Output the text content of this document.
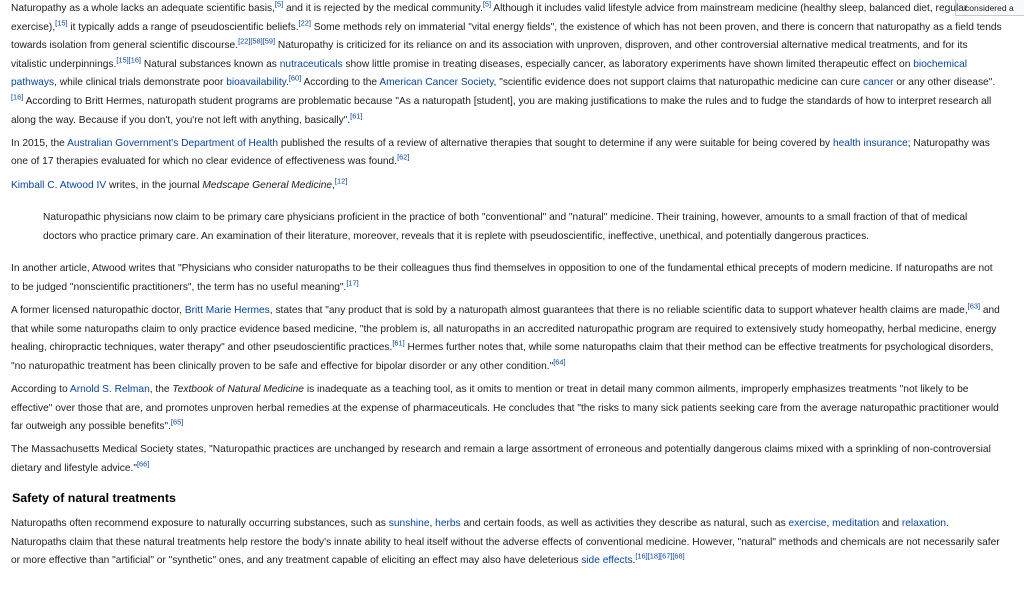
considered a

Naturopathy as a whole lacks an adequate scientific basis,[5] and it is rejected by the medical community.[5] Although it includes valid lifestyle advice from mainstream medicine (healthy sleep, balanced diet, regular exercise),[15] it typically adds a range of pseudoscientific beliefs.[22] Some methods rely on immaterial "vital energy fields", the existence of which has not been proven, and there is concern that naturopathy as a field tends towards isolation from general scientific discourse.[22][58][59] Naturopathy is criticized for its reliance on and its association with unproven, disproven, and other controversial alternative medical treatments, and for its vitalistic underpinnings.[15][16] Natural substances known as nutraceuticals show little promise in treating diseases, especially cancer, as laboratory experiments have shown limited therapeutic effect on biochemical pathways, while clinical trials demonstrate poor bioavailability.[60] According to the American Cancer Society, "scientific evidence does not support claims that naturopathic medicine can cure cancer or any other disease".[16] According to Britt Hermes, naturopath student programs are problematic because "As a naturopath [student], you are making justifications to make the rules and to fudge the standards of how to interpret research all along the way. Because if you don't, you're not left with anything, basically".[61]

In 2015, the Australian Government's Department of Health published the results of a review of alternative therapies that sought to determine if any were suitable for being covered by health insurance; Naturopathy was one of 17 therapies evaluated for which no clear evidence of effectiveness was found.[62]

Kimball C. Atwood IV writes, in the journal Medscape General Medicine,[12]

Naturopathic physicians now claim to be primary care physicians proficient in the practice of both "conventional" and "natural" medicine. Their training, however, amounts to a small fraction of that of medical doctors who practice primary care. An examination of their literature, moreover, reveals that it is replete with pseudoscientific, ineffective, unethical, and potentially dangerous practices.

In another article, Atwood writes that "Physicians who consider naturopaths to be their colleagues thus find themselves in opposition to one of the fundamental ethical precepts of modern medicine. If naturopaths are not to be judged "nonscientific practitioners", the term has no useful meaning".[17]

A former licensed naturopathic doctor, Britt Marie Hermes, states that "any product that is sold by a naturopath almost guarantees that there is no reliable scientific data to support whatever health claims are made,[63] and that while some naturopaths claim to only practice evidence based medicine, "the problem is, all naturopaths in an accredited naturopathic program are required to extensively study homeopathy, herbal medicine, energy healing, chiropractic techniques, water therapy" and other pseudoscientific practices.[61] Hermes further notes that, while some naturopaths claim that their method can be effective treatments for psychological disorders, "no naturopathic treatment has been clinically proven to be safe and effective for bipolar disorder or any other condition."[64]

According to Arnold S. Relman, the Textbook of Natural Medicine is inadequate as a teaching tool, as it omits to mention or treat in detail many common ailments, improperly emphasizes treatments "not likely to be effective" over those that are, and promotes unproven herbal remedies at the expense of pharmaceuticals. He concludes that "the risks to many sick patients seeking care from the average naturopathic practitioner would far outweigh any possible benefits".[65]

The Massachusetts Medical Society states, "Naturopathic practices are unchanged by research and remain a large assortment of erroneous and potentially dangerous claims mixed with a sprinkling of non-controversial dietary and lifestyle advice."[66]

Safety of natural treatments

Naturopaths often recommend exposure to naturally occurring substances, such as sunshine, herbs and certain foods, as well as activities they describe as natural, such as exercise, meditation and relaxation. Naturopaths claim that these natural treatments help restore the body's innate ability to heal itself without the adverse effects of conventional medicine. However, "natural" methods and chemicals are not necessarily safer or more effective than "artificial" or "synthetic" ones, and any treatment capable of eliciting an effect may also have deleterious side effects.[16][18][67][68]
